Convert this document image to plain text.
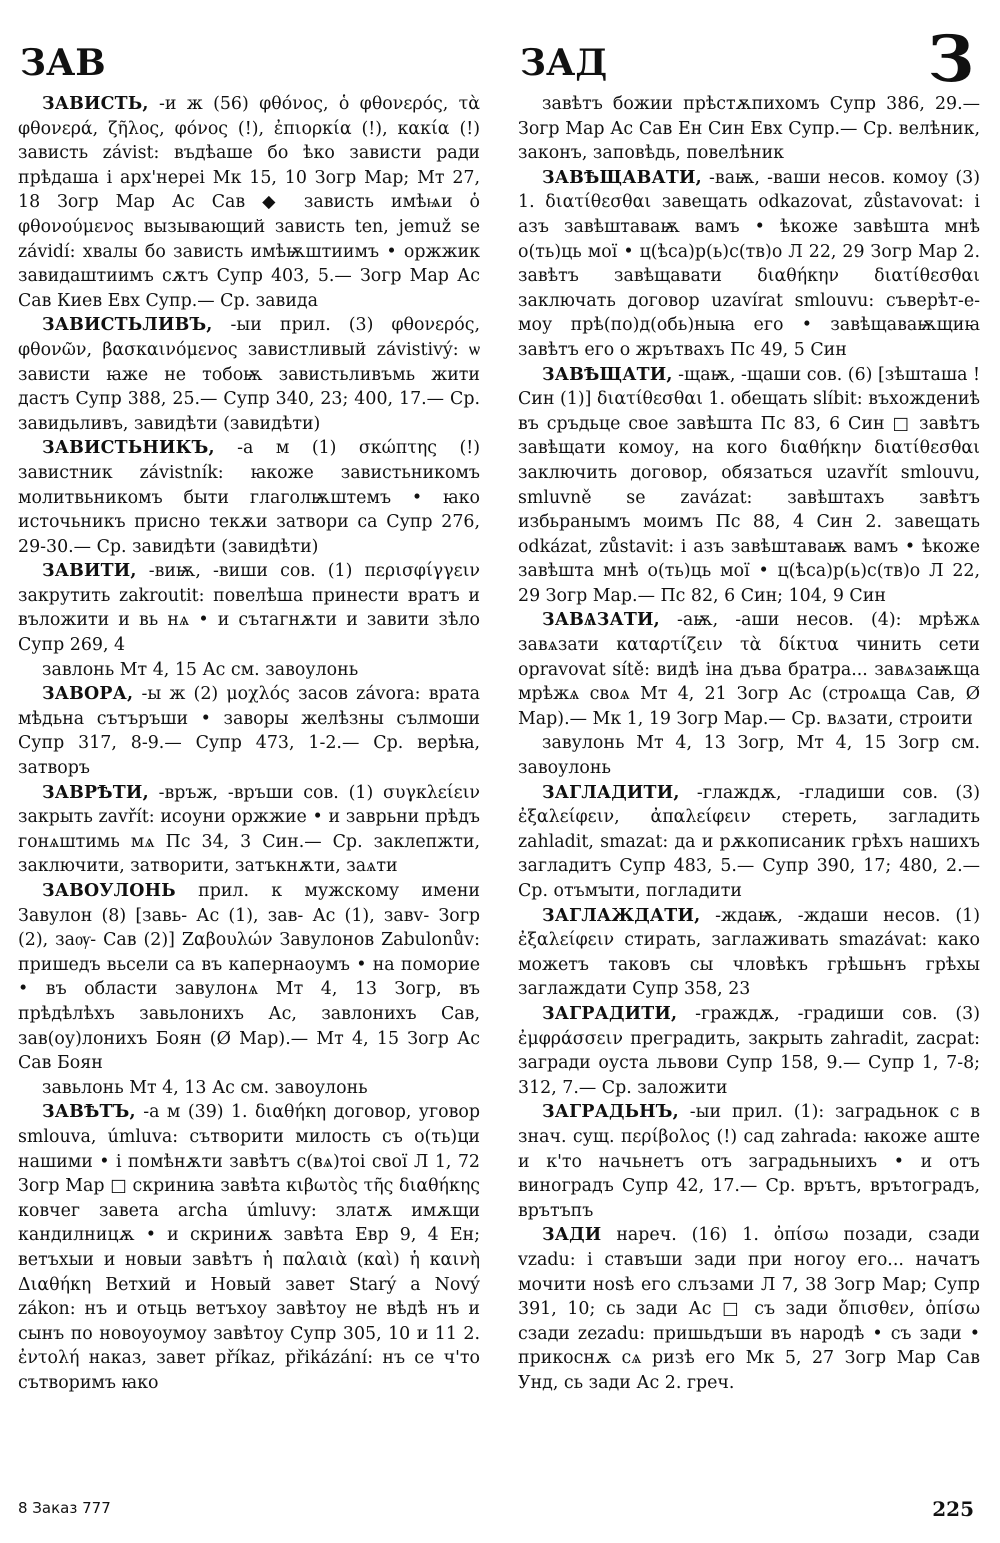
ЗАВ	ЗАД	З

ЗАВИСТЬ, -и ж (56) φθόνος, ὁ φθονερός, τὰ φθονερά, ζῆλος, φόνος (!), ἐπιορκία (!), κακία (!) зависть závist: въдѣаше бо ѣко зависти ради прѣдаша і арх'нереі Мк 15, 10 Зогр Мар; Мт 27, 18 Зогр Мар Ас Сав ◆ зависть имѣѩи ὁ φθονούμενος вызывающий зависть ten, jemuž se závidí: хвалы бо зависть имѣѭштиимъ • оржжик завидаштиимъ сѫтъ Супр 403, 5.— Зогр Мар Ас Сав Киев Евх Супр.— Ср. завида

ЗАВИСТЬЛИВЪ, -ыи прил. (3) φθονερός, φθονῶν, βασκαινόμενος завистливый závistivý: ѡ зависти ꙗже не тобоѭ завистьливъмь жити дастъ Супр 388, 25.— Супр 340, 23; 400, 17.— Ср. завидьливъ, завидѣти (завидѣти)

ЗАВИСТЬНИКЪ, -а м (1) σκώπτης (!) завистник závistník: ꙗкоже завистьникомъ молитвьникомъ быти глаголѭштемъ • ꙗко источьникъ присно текѫи затвори са Супр 276, 29-30.— Ср. завидѣти (завидѣти)

ЗАВИТИ, -виѭ, -виши сов. (1) περισφίγγειν закрутить zakroutit: повелѣша принести вратъ и въложити и вь нѧ • и сътагнѫти и завити зѣло Супр 269, 4

завлонь Мт 4, 15 Ас см. завоулонь

ЗАВОРА, -ы ж (2) μοχλός засов závora: врата мѣдьна сътъръши • заворы желѣзны сълмоши Супр 317, 8-9.— Супр 473, 1-2.— Ср. верѣꙗ, затворъ

ЗАВРѢТИ, -връж, -връши сов. (1) συγκλείειν закрыть zavřít: исоуни оржжие • и заврьни прѣдъ гонѧштимь мѧ Пс 34, 3 Син.— Ср. заклепжти, заключити, затворити, затъкнѫти, заѧти

ЗАВОУЛОНЬ прил. к мужскому имени Завулон (8) [завь- Ас (1), зав- Ас (1), завv- Зогр (2), заѹ- Сав (2)] Ζαβουλών Завулонов Zabulonův: пришедъ вьсели са въ капернаоумъ • на поморие • въ области завулонѧ Мт 4, 13 Зогр, въ прѣдѣлѣхъ завьлонихъ Ас, завлонихъ Сав, зав(оу)лонихъ Боян (Ø Мар).— Мт 4, 15 Зогр Ас Сав Боян

завьлонь Мт 4, 13 Ас см. завоулонь

ЗАВѢТЪ, -а м (39) 1. διαθήκη договор, уговор smlouva, úmluva: сътворити милость съ о(ть)ци нашими • і помѣнѫти завѣтъ с(вѧ)тоі свої Л 1, 72 Зогр Мар □ скриниꙗ завѣта κιβωτὸς τῆς διαθήκης ковчег завета archa úmluvy: златѫ имѫщи кандилницѫ • и скриниѫ завѣта Евр 9, 4 Ен; ветъхыи и новыи завѣтъ ἡ παλαιὰ (καὶ) ἡ καινὴ Διαθήκη Ветхий и Новый завет Starý a Nový zákon: нъ и отьць ветъхоу завѣтоу не вѣдѣ нъ и сынъ по новоуоумоу завѣтоу Супр 305, 10 и 11 2. ἐντολή наказ, завет příkaz, přikázání: нъ се ч'то сътворимъ ꙗко

завѣтъ божии прѣстѫпихомъ Супр 386, 29.— Зогр Мар Ас Сав Ен Син Евх Супр.— Ср. велѣник, законъ, заповѣдь, повелѣник

ЗАВѢЩАВАТИ, -ваѭ, -ваши несов. комоу (3) 1. διατίθεσθαι завещать odkazovat, zůstavovat: і азъ завѣштаваѭ вамъ • ѣкоже завѣшта мнѣ о(ть)ць мої • ц(ѣса)р(ь)с(тв)о Л 22, 29 Зогр Мар 2. завѣтъ завѣщавати διαθήκην διατίθεσθαι заключать договор uzavírat smlouvu: съверѣт-е-моу прѣ(по)д(обь)ныꙗ его • завѣщаваѭщиꙗ завѣтъ его о жрътвахъ Пс 49, 5 Син

ЗАВѢЩАТИ, -щаѭ, -щаши сов. (6) [зѣшташа ! Син (1)] διατίθεσθαι 1. обещать slíbit: въхождениѣ въ сръдьце свое завѣшта Пс 83, 6 Син □ завѣтъ завѣщати комоу, на кого διαθήκην διατίθεσθαι заключить договор, обязаться uzavřít smlouvu, smluvně se zavázat: завѣштахъ завѣтъ избьранымъ моимъ Пс 88, 4 Син 2. завещать odkázat, zůstavit: і азъ завѣштаваѭ вамъ • ѣкоже завѣшта мнѣ о(ть)ць мої • ц(ѣса)р(ь)с(тв)о Л 22, 29 Зогр Мар.— Пс 82, 6 Син; 104, 9 Син

ЗАВѦЗАТИ, -аѭ, -аши несов. (4): мрѣжѧ завѧзати καταρτίζειν τὰ δίκτυα чинить сети opravovat sítě: видѣ іна дъва братра... завѧзаѭща мрѣжѧ своѧ Мт 4, 21 Зогр Ас (строѧща Сав, Ø Мар).— Мк 1, 19 Зогр Мар.— Ср. вѧзати, строити

завулонь Мт 4, 13 Зогр, Мт 4, 15 Зогр см. завоулонь

ЗАГЛАДИТИ, -глаждѫ, -гладиши сов. (3) ἐξαλείφειν, ἀπαλείφειν стереть, загладить zahladit, smazat: да и рѫкописаник грѣхъ нашихъ загладитъ Супр 483, 5.— Супр 390, 17; 480, 2.— Ср. отъмꙑти, погладити

ЗАГЛАЖДАТИ, -ждаѭ, -ждаши несов. (1) ἐξαλείφειν стирать, заглаживать smazávat: како можетъ таковъ сы чловѣкъ грѣшьнъ грѣхы заглаждати Супр 358, 23

ЗАГРАДИТИ, -граждѫ, -градиши сов. (3) ἐμφράσσειν преградить, закрыть zahradit, zacpat: загради оуста львови Супр 158, 9.— Супр 1, 7-8; 312, 7.— Ср. заложити

ЗАГРАДЬНЪ, -ыи прил. (1): заградьнок с в знач. сущ. περίβολος (!) сад zahrada: ꙗкоже аште и к'то начьнетъ отъ заградьныихъ • и отъ виноградъ Супр 42, 17.— Ср. врътъ, врътоградъ, врътъпъ

ЗАДИ нареч. (16) 1. ὀπίσω позади, сзади vzadu: і ставъши зади при ногоу его... начатъ мочити ноѕѣ его слъзами Л 7, 38 Зогр Мар; Супр 391, 10; сь зади Ас □ съ зади ὄπισθεν, ὀπίσω сзади zezadu: пришьдъши въ народѣ • съ зади • прикоснѫ сѧ ризѣ его Мк 5, 27 Зогр Мар Сав Унд, сь зади Ас 2. греч.

8 Заказ 777	225
